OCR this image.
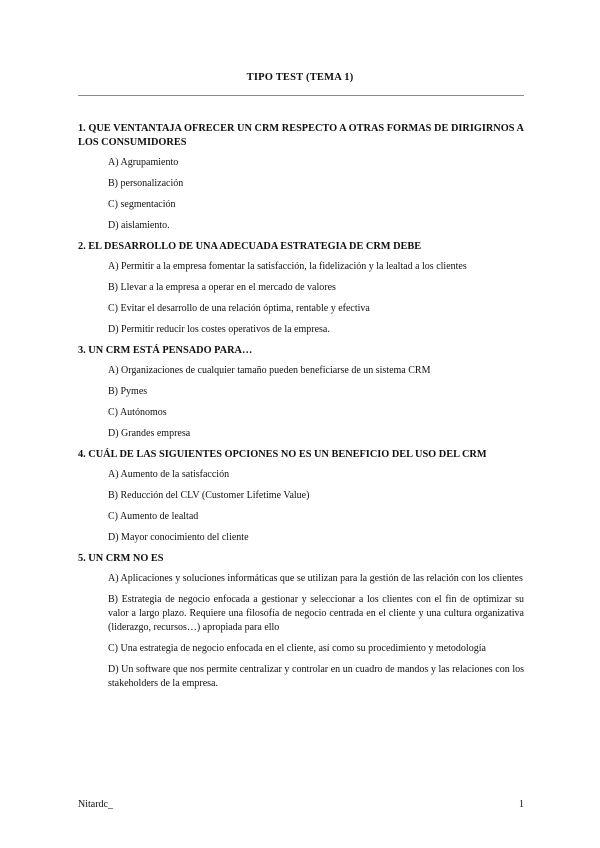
TIPO TEST (TEMA 1)
1. QUE VENTANTAJA OFRECER UN CRM RESPECTO A OTRAS FORMAS DE DIRIGIRNOS A LOS CONSUMIDORES
A) Agrupamiento
B) personalización
C) segmentación
D) aislamiento.
2. EL DESARROLLO DE UNA ADECUADA ESTRATEGIA DE CRM DEBE
A) Permitir a la empresa fomentar la satisfacción, la fidelización y la lealtad a los clientes
B) Llevar a la empresa a operar en el mercado de valores
C) Evitar el desarrollo de una relación óptima, rentable y efectiva
D) Permitir reducir los costes operativos de la empresa.
3. UN CRM ESTÁ PENSADO PARA…
A) Organizaciones de cualquier tamaño pueden beneficiarse de un sistema CRM
B) Pymes
C) Autónomos
D) Grandes empresa
4. CUÁL DE LAS SIGUIENTES OPCIONES NO ES UN BENEFICIO DEL USO DEL CRM
A) Aumento de la satisfacción
B) Reducción del CLV (Customer Lifetime Value)
C) Aumento de lealtad
D) Mayor conocimiento del cliente
5. UN CRM NO ES
A) Aplicaciones y soluciones informáticas que se utilizan para la gestión de las relación con los clientes
B) Estrategia de negocio enfocada a gestionar y seleccionar a los clientes con el fin de optimizar su valor a largo plazo. Requiere una filosofía de negocio centrada en el cliente y una cultura organizativa (liderazgo, recursos…) apropiada para ello
C) Una estrategia de negocio enfocada en el cliente, así como su procedimiento y metodología
D) Un software que nos permite centralizar y controlar en un cuadro de mandos y las relaciones con los stakeholders de la empresa.
Nitardc_	1
